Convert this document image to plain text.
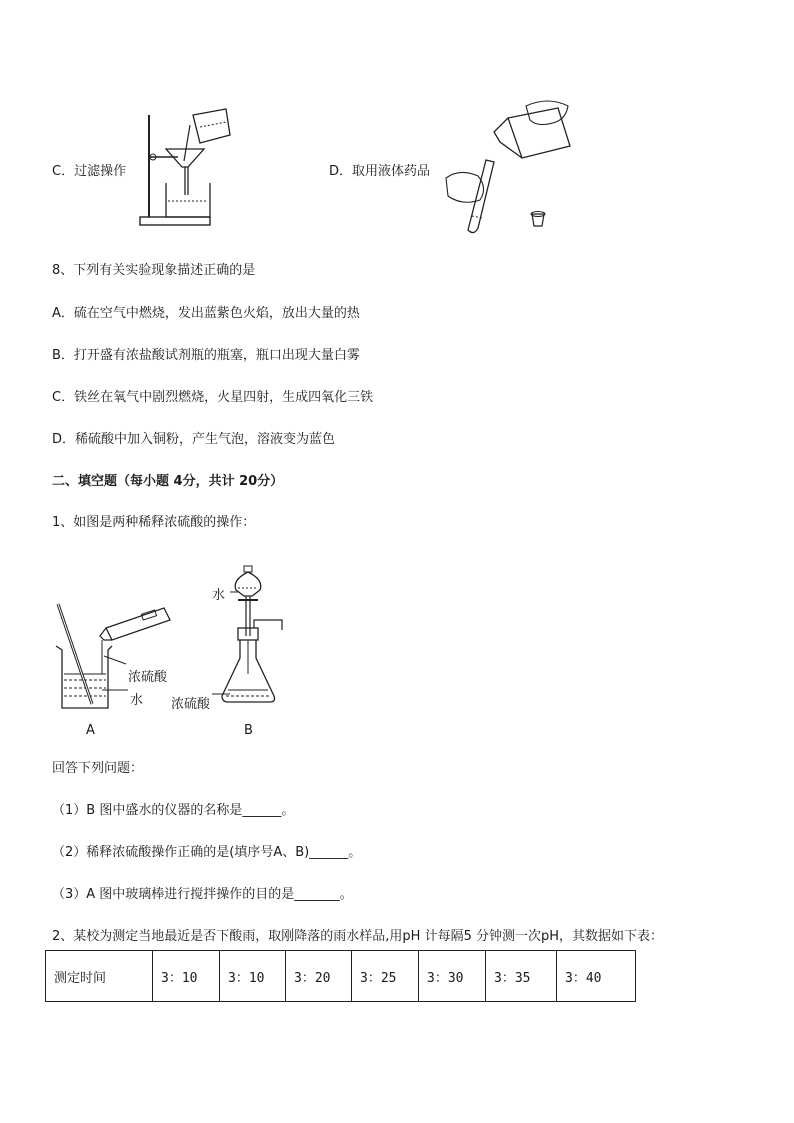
C．过滤操作	D．取用液体药品
8、下列有关实验现象描述正确的是
A．硫在空气中燃烧，发出蓝紫色火焰，放出大量的热
B．打开盛有浓盐酸试剂瓶的瓶塞，瓶口出现大量白雾
C．铁丝在氧气中剧烈燃烧，火星四射，生成四氧化三铁
D．稀硫酸中加入铜粉，产生气泡，溶液变为蓝色
二、填空题（每小题 4分，共计 20分）
1、如图是两种稀释浓硫酸的操作：
浓硫酸
水
A
水
浓硫酸
B
回答下列问题：
（1）B 图中盛水的仪器的名称是______。
（2）稀释浓硫酸操作正确的是(填序号A、B)______。
（3）A 图中玻璃棒进行搅拌操作的目的是_______。
2、某校为测定当地最近是否下酸雨，取刚降落的雨水样品,用pH 计每隔5 分钟测一次pH，其数据如下表：
测定时间	3：10	3：10	3：20	3：25	3：30	3：35	3：40
